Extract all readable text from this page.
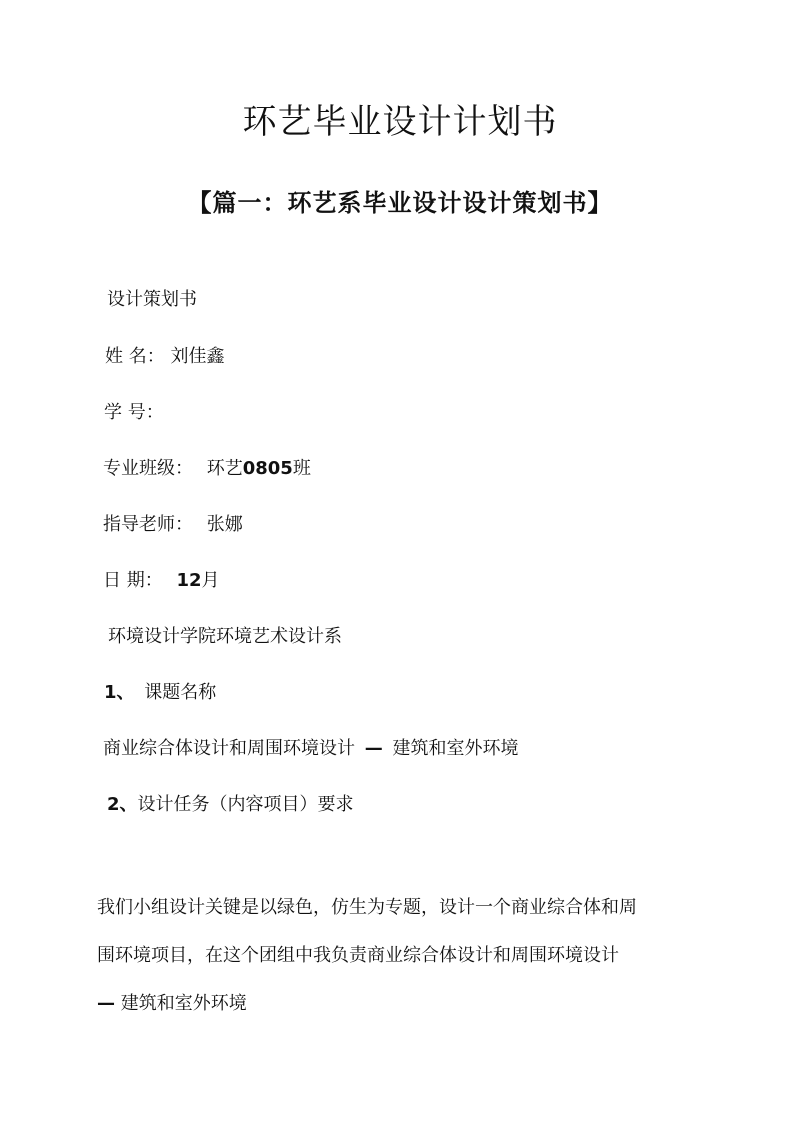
环艺毕业设计计划书
【篇一：环艺系毕业设计设计策划书】
设计策划书
姓 名： 刘佳鑫
学 号：
专业班级： 环艺0805班
指导老师： 张娜
日 期： 12月
环境设计学院环境艺术设计系
1、 课题名称
商业综合体设计和周围环境设计 — 建筑和室外环境
2、设计任务（内容项目）要求
我们小组设计关键是以绿色，仿生为专题，设计一个商业综合体和周
围环境项目，在这个团组中我负责商业综合体设计和周围环境设计
— 建筑和室外环境
